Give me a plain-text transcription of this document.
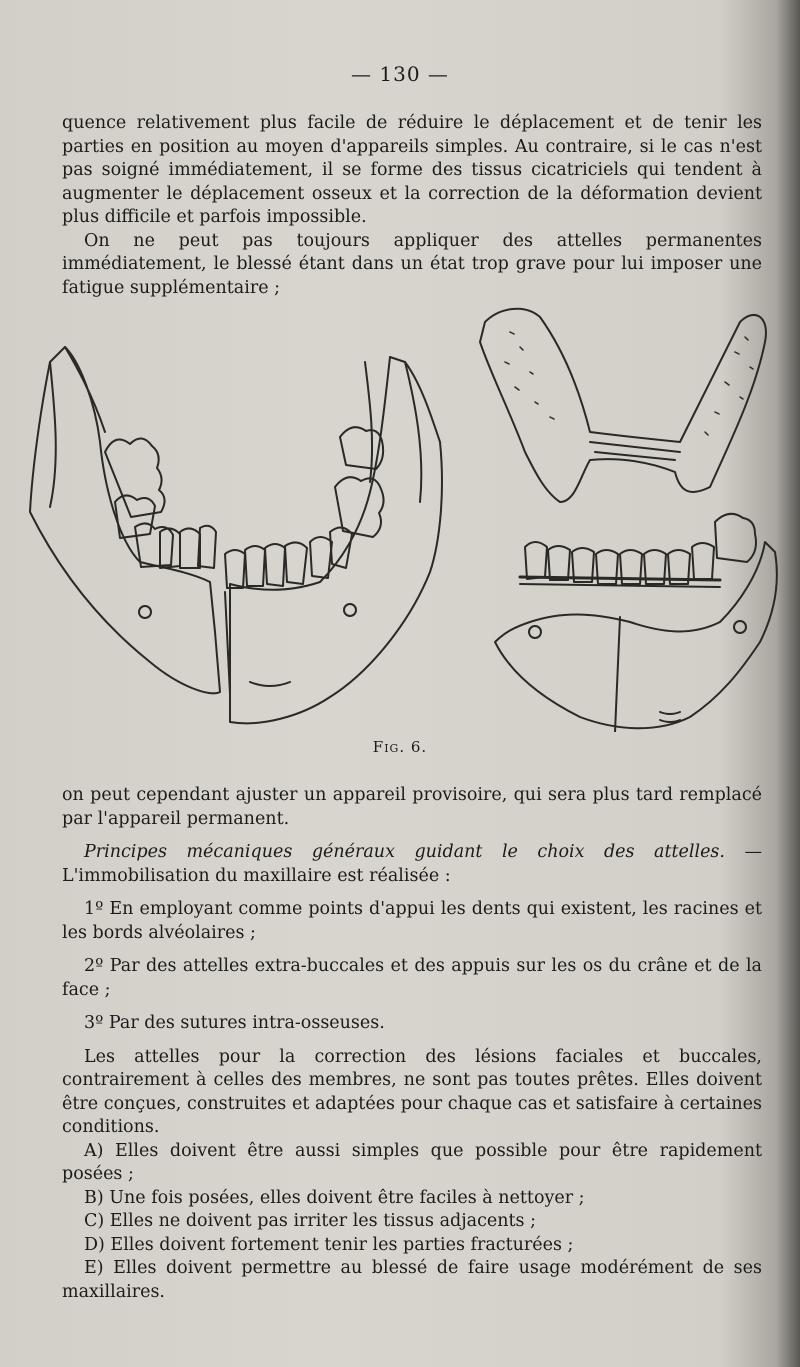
— 130 —

quence relativement plus facile de réduire le déplacement et de tenir les parties en position au moyen d'appareils simples. Au contraire, si le cas n'est pas soigné immédiatement, il se forme des tissus cicatriciels qui tendent à augmenter le déplacement osseux et la correction de la déformation devient plus difficile et parfois impossible.

On ne peut pas toujours appliquer des attelles permanentes immédiatement, le blessé étant dans un état trop grave pour lui imposer une fatigue supplémentaire ;

Fig. 6.

on peut cependant ajuster un appareil provisoire, qui sera plus tard remplacé par l'appareil permanent.

Principes mécaniques généraux guidant le choix des attelles. — L'immobilisation du maxillaire est réalisée :

1º En employant comme points d'appui les dents qui existent, les racines et les bords alvéolaires ;

2º Par des attelles extra-buccales et des appuis sur les os du crâne et de la face ;

3º Par des sutures intra-osseuses.

Les attelles pour la correction des lésions faciales et buccales, contrairement à celles des membres, ne sont pas toutes prêtes. Elles doivent être conçues, construites et adaptées pour chaque cas et satisfaire à certaines conditions.

A) Elles doivent être aussi simples que possible pour être rapidement posées ;

B) Une fois posées, elles doivent être faciles à nettoyer ;

C) Elles ne doivent pas irriter les tissus adjacents ;

D) Elles doivent fortement tenir les parties fracturées ;

E) Elles doivent permettre au blessé de faire usage modérément de ses maxillaires.
